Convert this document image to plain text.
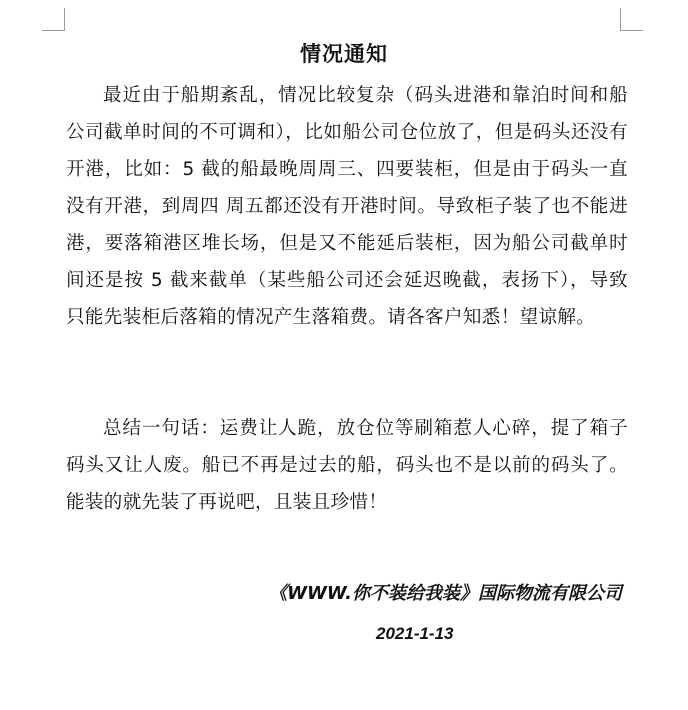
情况通知

最近由于船期紊乱，情况比较复杂（码头进港和靠泊时间和船公司截单时间的不可调和），比如船公司仓位放了，但是码头还没有开港，比如：5 截的船最晚周周三、四要装柜，但是由于码头一直没有开港，到周四 周五都还没有开港时间。导致柜子装了也不能进港，要落箱港区堆长场，但是又不能延后装柜，因为船公司截单时间还是按 5 截来截单（某些船公司还会延迟晚截，表扬下），导致只能先装柜后落箱的情况产生落箱费。请各客户知悉！望谅解。

总结一句话：运费让人跪，放仓位等刷箱惹人心碎，提了箱子码头又让人废。船已不再是过去的船，码头也不是以前的码头了。能装的就先装了再说吧，且装且珍惜！

《WWW.你不装给我装》国际物流有限公司
2021-1-13
